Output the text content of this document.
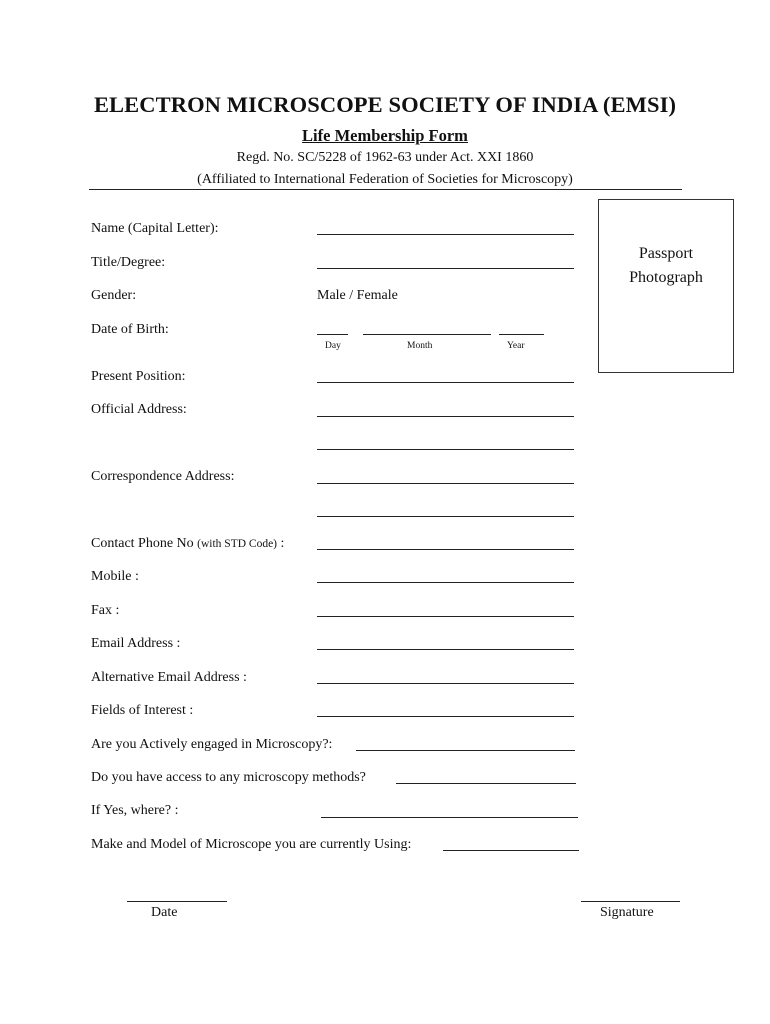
ELECTRON MICROSCOPE SOCIETY OF INDIA (EMSI)
Life Membership Form
Regd. No. SC/5228 of 1962-63 under Act. XXI 1860
(Affiliated to International Federation of Societies for Microscopy)
Passport
Photograph
Name (Capital Letter):
Title/Degree:
Gender:	Male / Female
Date of Birth:
Day	Month	Year
Present Position:
Official Address:
Correspondence Address:
Contact Phone No (with STD Code) :
Mobile :
Fax :
Email Address :
Alternative Email Address :
Fields of Interest :
Are you Actively engaged in Microscopy?:
Do you have access to any microscopy methods?
If Yes, where? :
Make and Model of Microscope you are currently Using:
Date	Signature
